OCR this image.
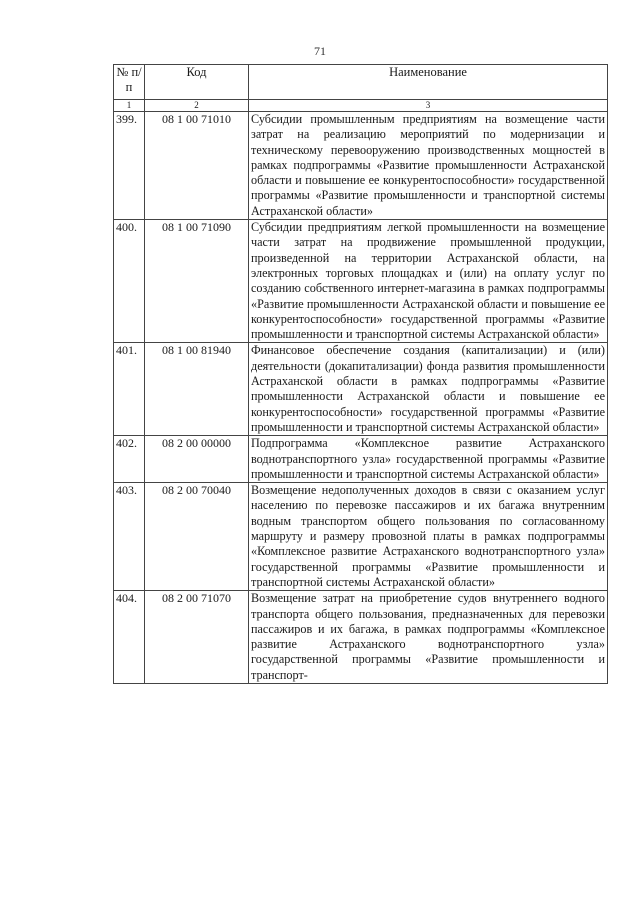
71
№ п/п	Код	Наименование
1	2	3
399.	08 1 00 71010	Субсидии промышленным предприятиям на возмещение части затрат на реализацию мероприятий по модернизации и техническому перевооружению производственных мощностей в рамках подпрограммы «Развитие промышленности Астраханской области и повышение ее конкурентоспособности» государственной программы «Развитие промышленности и транспортной системы Астраханской области»
400.	08 1 00 71090	Субсидии предприятиям легкой промышленности на возмещение части затрат на продвижение промышленной продукции, произведенной на территории Астраханской области, на электронных торговых площадках и (или) на оплату услуг по созданию собственного интернет-магазина в рамках подпрограммы «Развитие промышленности Астраханской области и повышение ее конкурентоспособности» государственной программы «Развитие промышленности и транспортной системы Астраханской области»
401.	08 1 00 81940	Финансовое обеспечение создания (капитализации) и (или) деятельности (докапитализации) фонда развития промышленности Астраханской области в рамках подпрограммы «Развитие промышленности Астраханской области и повышение ее конкурентоспособности» государственной программы «Развитие промышленности и транспортной системы Астраханской области»
402.	08 2 00 00000	Подпрограмма «Комплексное развитие Астраханского воднотранспортного узла» государственной программы «Развитие промышленности и транспортной системы Астраханской области»
403.	08 2 00 70040	Возмещение недополученных доходов в связи с оказанием услуг населению по перевозке пассажиров и их багажа внутренним водным транспортом общего пользования по согласованному маршруту и размеру провозной платы в рамках подпрограммы «Комплексное развитие Астраханского воднотранспортного узла» государственной программы «Развитие промышленности и транспортной системы Астраханской области»
404.	08 2 00 71070	Возмещение затрат на приобретение судов внутреннего водного транспорта общего пользования, предназначенных для перевозки пассажиров и их багажа, в рамках подпрограммы «Комплексное развитие Астраханского воднотранспортного узла» государственной программы «Развитие промышленности и транспорт-
